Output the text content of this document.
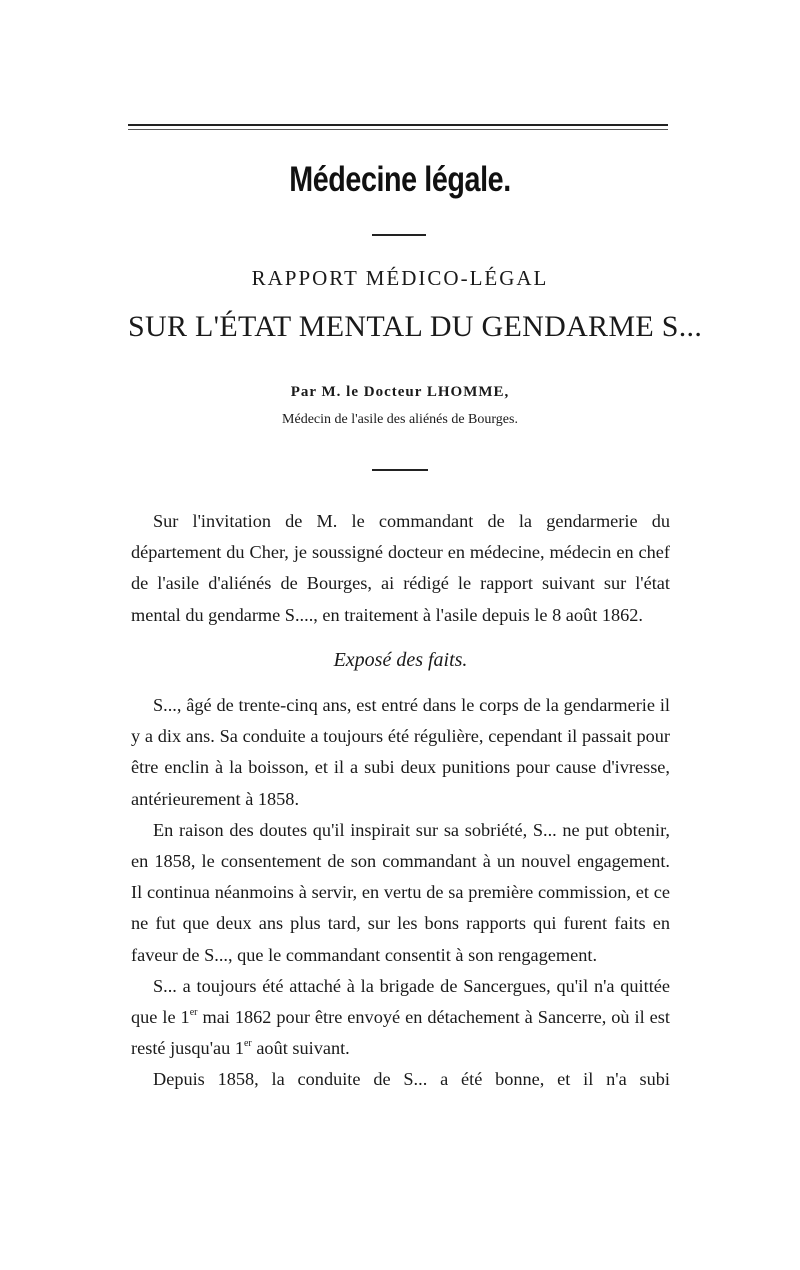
Médecine légale.
RAPPORT MÉDICO-LÉGAL
SUR L'ÉTAT MENTAL DU GENDARME S...
Par M. le Docteur LHOMME,
Médecin de l'asile des aliénés de Bourges.

Sur l'invitation de M. le commandant de la gendarmerie du département du Cher, je soussigné docteur en médecine, médecin en chef de l'asile d'aliénés de Bourges, ai rédigé le rapport suivant sur l'état mental du gendarme S...., en traitement à l'asile depuis le 8 août 1862.

Exposé des faits.

S..., âgé de trente-cinq ans, est entré dans le corps de la gendarmerie il y a dix ans. Sa conduite a toujours été régulière, cependant il passait pour être enclin à la boisson, et il a subi deux punitions pour cause d'ivresse, antérieurement à 1858.

En raison des doutes qu'il inspirait sur sa sobriété, S... ne put obtenir, en 1858, le consentement de son commandant à un nouvel engagement. Il continua néanmoins à servir, en vertu de sa première commission, et ce ne fut que deux ans plus tard, sur les bons rapports qui furent faits en faveur de S..., que le commandant consentit à son rengagement.

S... a toujours été attaché à la brigade de Sancergues, qu'il n'a quittée que le 1er mai 1862 pour être envoyé en détachement à Sancerre, où il est resté jusqu'au 1er août suivant.

Depuis 1858, la conduite de S... a été bonne, et il n'a subi
